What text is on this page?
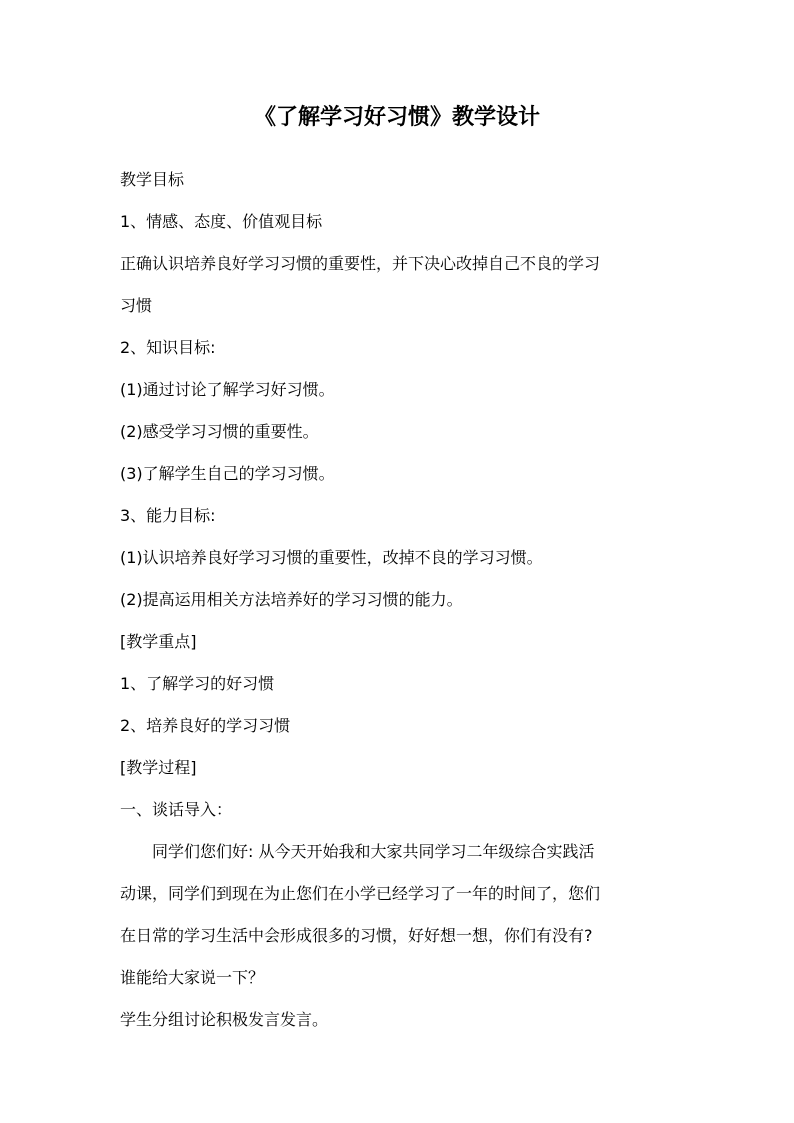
《了解学习好习惯》教学设计
教学目标
1、情感、态度、价值观目标
正确认识培养良好学习习惯的重要性，并下决心改掉自己不良的学习
习惯
2、知识目标:
(1)通过讨论了解学习好习惯。
(2)感受学习习惯的重要性。
(3)了解学生自己的学习习惯。
3、能力目标:
(1)认识培养良好学习习惯的重要性，改掉不良的学习习惯。
(2)提高运用相关方法培养好的学习习惯的能力。
[教学重点]
1、了解学习的好习惯
2、培养良好的学习习惯
[教学过程]
一、谈话导入：
同学们您们好: 从今天开始我和大家共同学习二年级综合实践活
动课，同学们到现在为止您们在小学已经学习了一年的时间了，您们
在日常的学习生活中会形成很多的习惯，好好想一想，你们有没有?
谁能给大家说一下？
学生分组讨论积极发言发言。
